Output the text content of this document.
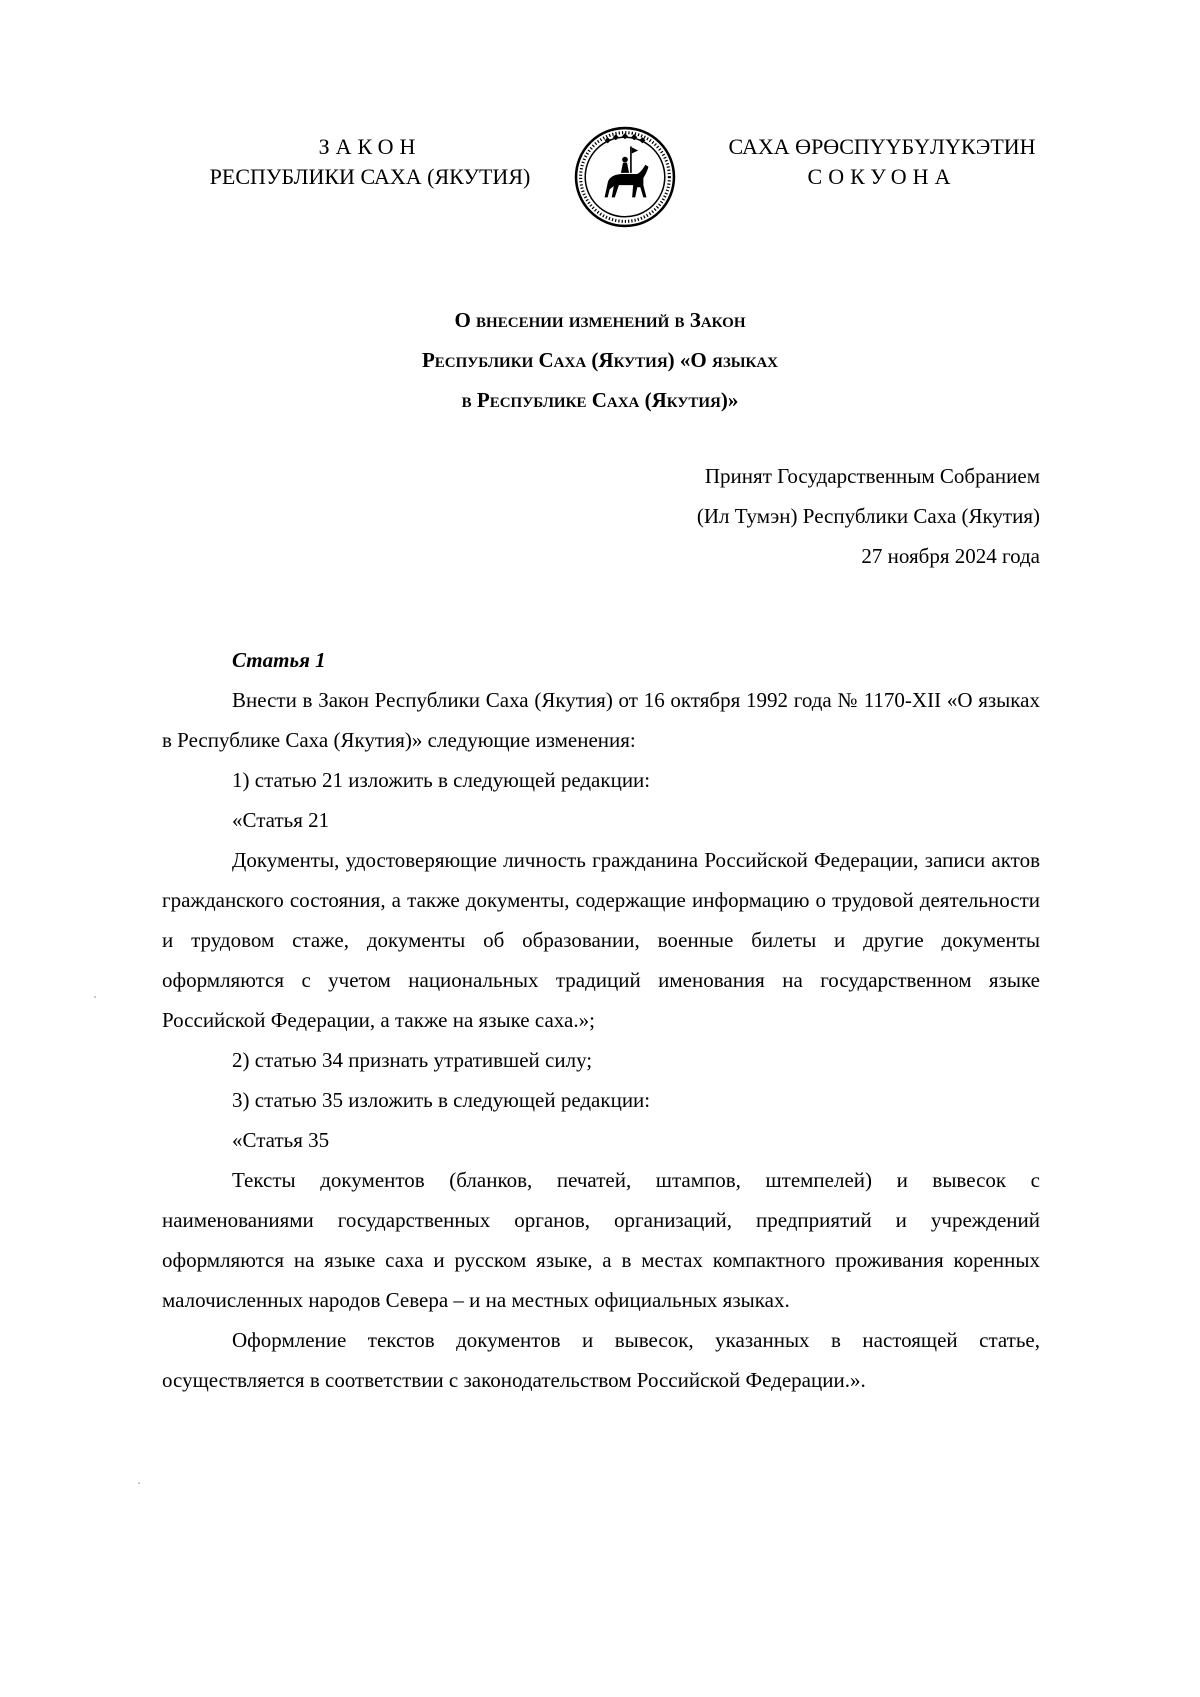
ЗАКОН
РЕСПУБЛИКИ САХА (ЯКУТИЯ)
САХА ӨРӨСПҮҮБҮЛҮКЭТИН
СОКУОНА
О внесении изменений в Закон
Республики Саха (Якутия) «О языках
в Республике Саха (Якутия)»
Принят Государственным Собранием
(Ил Тумэн) Республики Саха (Якутия)
27 ноября 2024 года

Статья 1

Внести в Закон Республики Саха (Якутия) от 16 октября 1992 года № 1170-XII «О языках в Республике Саха (Якутия)» следующие изменения:

1) статью 21 изложить в следующей редакции:

«Статья 21

Документы, удостоверяющие личность гражданина Российской Федерации, записи актов гражданского состояния, а также документы, содержащие информацию о трудовой деятельности и трудовом стаже, документы об образовании, военные билеты и другие документы оформляются с учетом национальных традиций именования на государственном языке Российской Федерации, а также на языке саха.»;

2) статью 34 признать утратившей силу;

3) статью 35 изложить в следующей редакции:

«Статья 35

Тексты документов (бланков, печатей, штампов, штемпелей) и вывесок с наименованиями государственных органов, организаций, предприятий и учреждений оформляются на языке саха и русском языке, а в местах компактного проживания коренных малочисленных народов Севера – и на местных официальных языках.

Оформление текстов документов и вывесок, указанных в настоящей статье, осуществляется в соответствии с законодательством Российской Федерации.».
